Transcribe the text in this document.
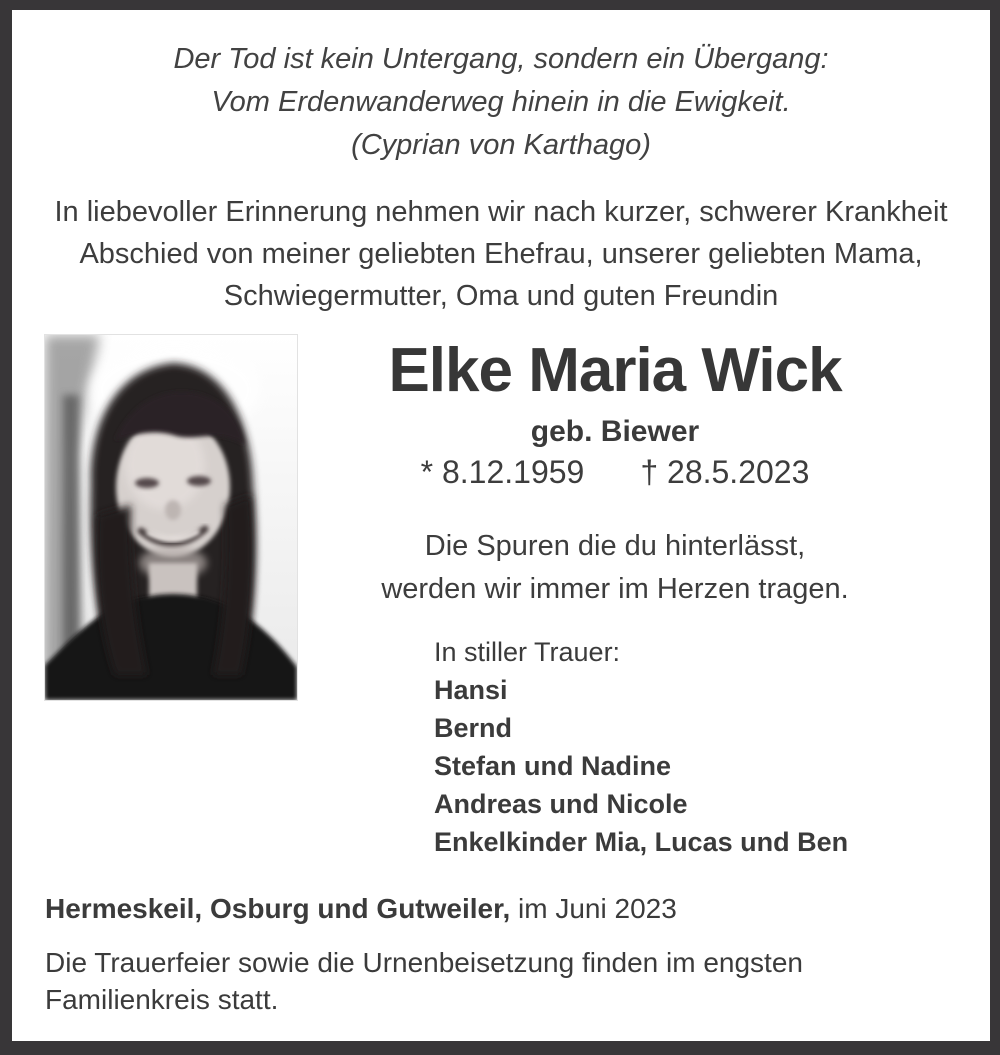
Der Tod ist kein Untergang, sondern ein Übergang:
Vom Erdenwanderweg hinein in die Ewigkeit.
(Cyprian von Karthago)
In liebevoller Erinnerung nehmen wir nach kurzer, schwerer Krankheit
Abschied von meiner geliebten Ehefrau, unserer geliebten Mama,
Schwiegermutter, Oma und guten Freundin
Elke Maria Wick
geb. Biewer
* 8.12.1959 † 28.5.2023
Die Spuren die du hinterlässt,
werden wir immer im Herzen tragen.
In stiller Trauer:
Hansi
Bernd
Stefan und Nadine
Andreas und Nicole
Enkelkinder Mia, Lucas und Ben
Hermeskeil, Osburg und Gutweiler, im Juni 2023
Die Trauerfeier sowie die Urnenbeisetzung finden im engsten
Familienkreis statt.
